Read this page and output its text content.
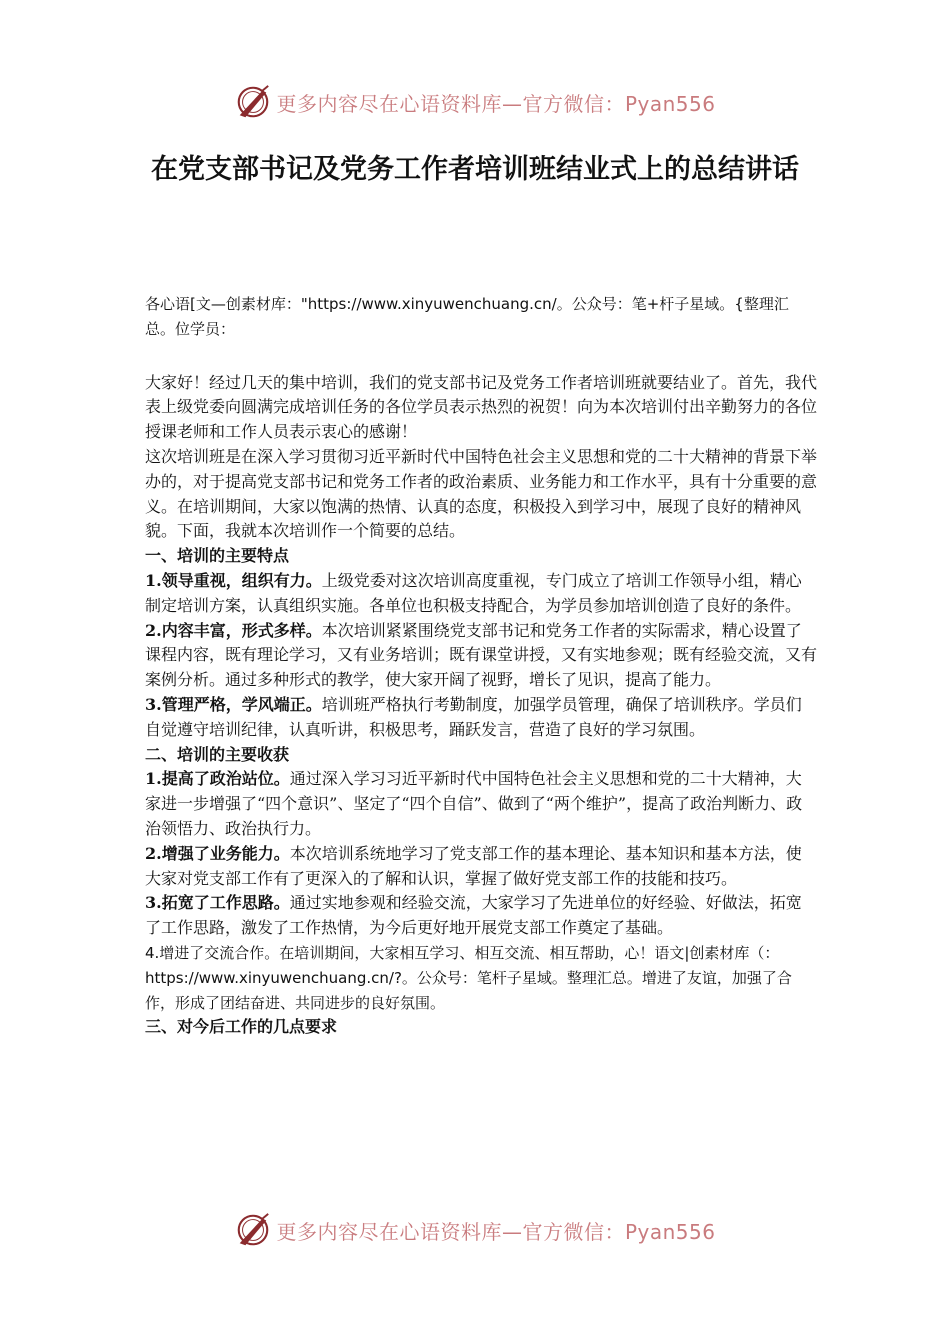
更多内容尽在心语资料库—官方微信：Pyan556
在党支部书记及党务工作者培训班结业式上的总结讲话

各心语[文—创素材库："https://www.xinyuwenchuang.cn/。公众号：笔+杆子星域。{整理汇总。位学员：

大家好！经过几天的集中培训，我们的党支部书记及党务工作者培训班就要结业了。首先，我代表上级党委向圆满完成培训任务的各位学员表示热烈的祝贺！向为本次培训付出辛勤努力的各位授课老师和工作人员表示衷心的感谢！

这次培训班是在深入学习贯彻习近平新时代中国特色社会主义思想和党的二十大精神的背景下举办的，对于提高党支部书记和党务工作者的政治素质、业务能力和工作水平，具有十分重要的意义。在培训期间，大家以饱满的热情、认真的态度，积极投入到学习中，展现了良好的精神风貌。下面，我就本次培训作一个简要的总结。

一、培训的主要特点

1.领导重视，组织有力。上级党委对这次培训高度重视，专门成立了培训工作领导小组，精心制定培训方案，认真组织实施。各单位也积极支持配合，为学员参加培训创造了良好的条件。

2.内容丰富，形式多样。本次培训紧紧围绕党支部书记和党务工作者的实际需求，精心设置了课程内容，既有理论学习，又有业务培训；既有课堂讲授，又有实地参观；既有经验交流，又有案例分析。通过多种形式的教学，使大家开阔了视野，增长了见识，提高了能力。

3.管理严格，学风端正。培训班严格执行考勤制度，加强学员管理，确保了培训秩序。学员们自觉遵守培训纪律，认真听讲，积极思考，踊跃发言，营造了良好的学习氛围。

二、培训的主要收获

1.提高了政治站位。通过深入学习习近平新时代中国特色社会主义思想和党的二十大精神，大家进一步增强了“四个意识”、坚定了“四个自信”、做到了“两个维护”，提高了政治判断力、政治领悟力、政治执行力。

2.增强了业务能力。本次培训系统地学习了党支部工作的基本理论、基本知识和基本方法，使大家对党支部工作有了更深入的了解和认识，掌握了做好党支部工作的技能和技巧。

3.拓宽了工作思路。通过实地参观和经验交流，大家学习了先进单位的好经验、好做法，拓宽了工作思路，激发了工作热情，为今后更好地开展党支部工作奠定了基础。

4.增进了交流合作。在培训期间，大家相互学习、相互交流、相互帮助，心！语文|创素材库（：https://www.xinyuwenchuang.cn/?。公众号：笔杆子星域。整理汇总。增进了友谊，加强了合作，形成了团结奋进、共同进步的良好氛围。

三、对今后工作的几点要求

更多内容尽在心语资料库—官方微信：Pyan556
